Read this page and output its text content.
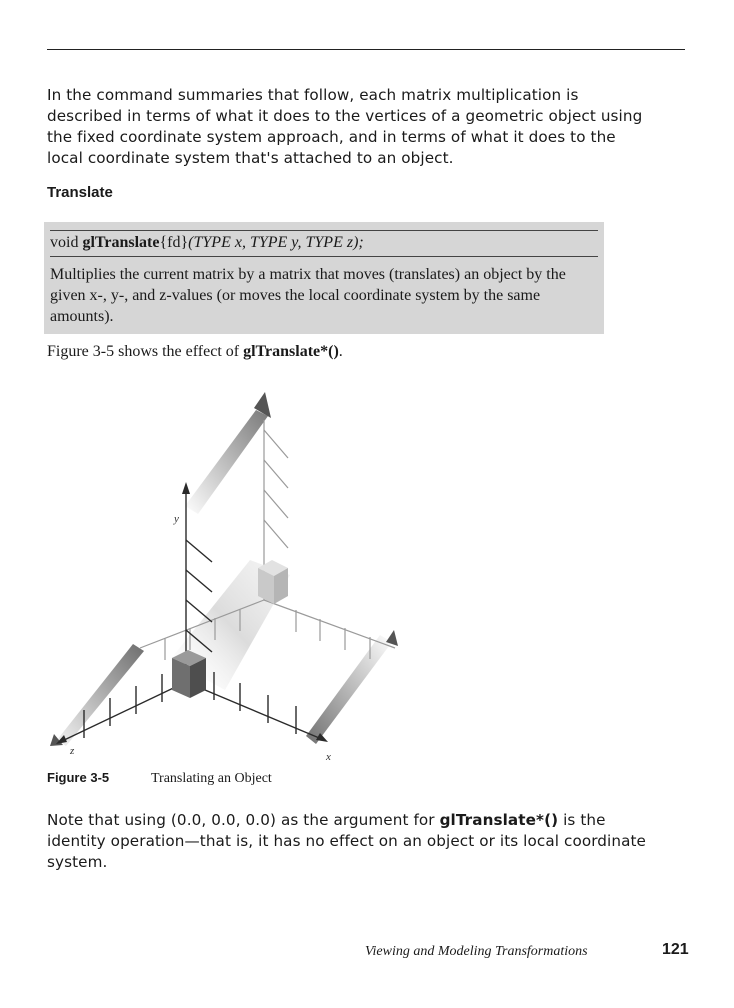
In the command summaries that follow, each matrix multiplication is described in terms of what it does to the vertices of a geometric object using the fixed coordinate system approach, and in terms of what it does to the local coordinate system that's attached to an object.

Translate
void glTranslate{fd}(TYPE x, TYPE y, TYPE z);

Multiplies the current matrix by a matrix that moves (translates) an object by the given x-, y-, and z-values (or moves the local coordinate system by the same amounts).

Figure 3-5 shows the effect of glTranslate*().

y
x
z

Figure 3-5	Translating an Object

Note that using (0.0, 0.0, 0.0) as the argument for glTranslate*() is the identity operation—that is, it has no effect on an object or its local coordinate system.

Viewing and Modeling Transformations	121
